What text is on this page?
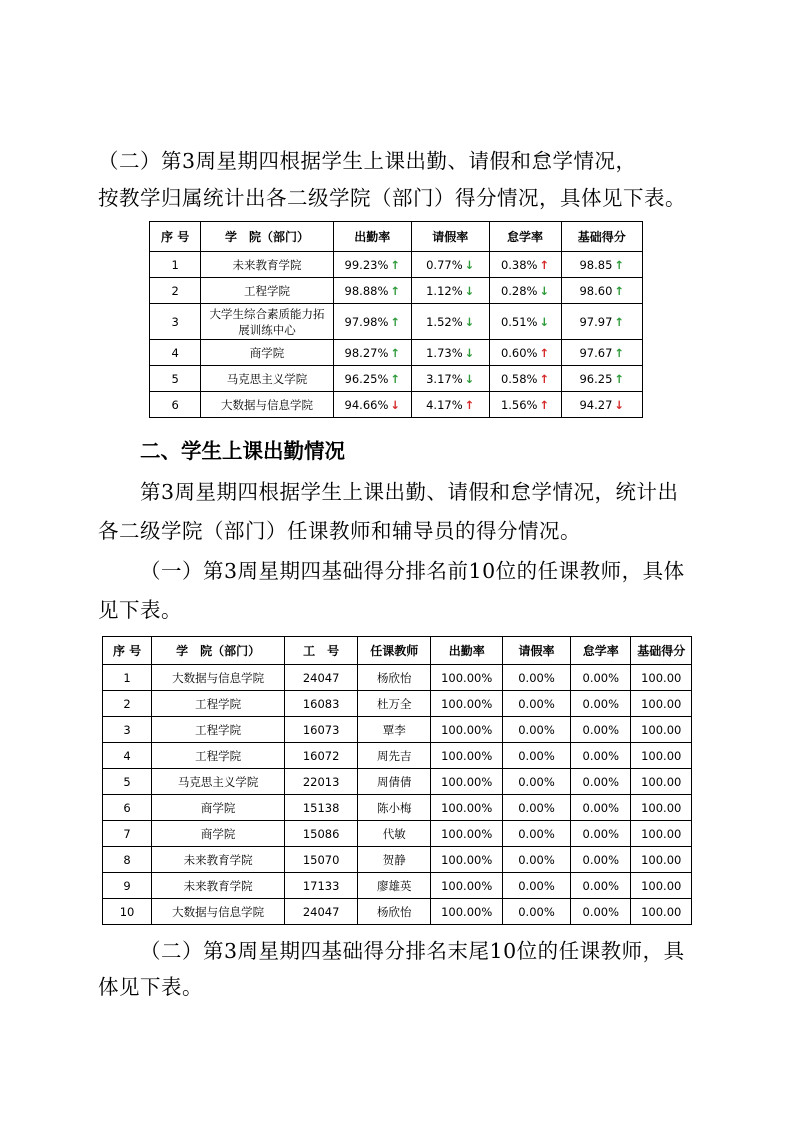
（二）第3周星期四根据学生上课出勤、请假和怠学情况，

按教学归属统计出各二级学院（部门）得分情况，具体见下表。

序 号	学　院（部门）	出勤率	请假率	怠学率	基础得分
1	未来教育学院	99.23% ↑	0.77% ↓	0.38% ↑	98.85 ↑
2	工程学院	98.88% ↑	1.12% ↓	0.28% ↓	98.60 ↑
3	大学生综合素质能力拓展训练中心	97.98% ↑	1.52% ↓	0.51% ↓	97.97 ↑
4	商学院	98.27% ↑	1.73% ↓	0.60% ↑	97.67 ↑
5	马克思主义学院	96.25% ↑	3.17% ↓	0.58% ↑	96.25 ↑
6	大数据与信息学院	94.66% ↓	4.17% ↑	1.56% ↑	94.27 ↓

二、学生上课出勤情况

第3周星期四根据学生上课出勤、请假和怠学情况，统计出

各二级学院（部门）任课教师和辅导员的得分情况。

（一）第3周星期四基础得分排名前10位的任课教师，具体

见下表。

序 号	学　院（部门）	工　号	任课教师	出勤率	请假率	怠学率	基础得分
1	大数据与信息学院	24047	杨欣怡	100.00%	0.00%	0.00%	100.00
2	工程学院	16083	杜万全	100.00%	0.00%	0.00%	100.00
3	工程学院	16073	覃李	100.00%	0.00%	0.00%	100.00
4	工程学院	16072	周先吉	100.00%	0.00%	0.00%	100.00
5	马克思主义学院	22013	周倩倩	100.00%	0.00%	0.00%	100.00
6	商学院	15138	陈小梅	100.00%	0.00%	0.00%	100.00
7	商学院	15086	代敏	100.00%	0.00%	0.00%	100.00
8	未来教育学院	15070	贺静	100.00%	0.00%	0.00%	100.00
9	未来教育学院	17133	廖雄英	100.00%	0.00%	0.00%	100.00
10	大数据与信息学院	24047	杨欣怡	100.00%	0.00%	0.00%	100.00

（二）第3周星期四基础得分排名末尾10位的任课教师，具

体见下表。
